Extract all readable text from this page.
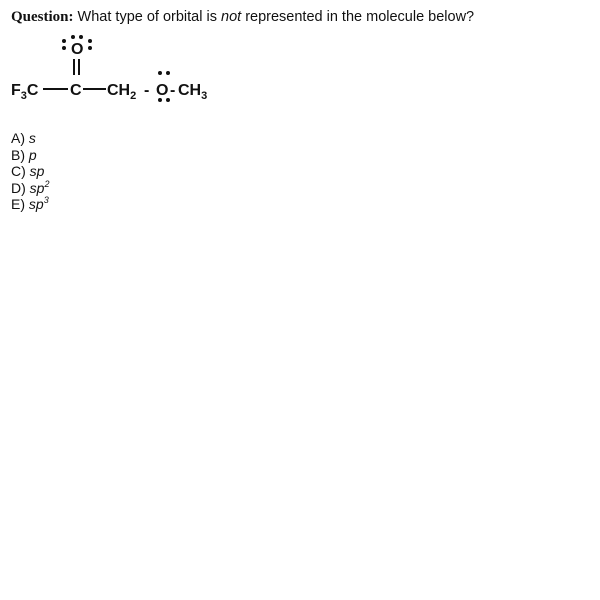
Question: What type of orbital is not represented in the molecule below?
O
$F_3C$ C $CH_2$ - O - $CH_3$
A) s
B) p
C) sp
D) $sp^2$
E) $sp^3$
